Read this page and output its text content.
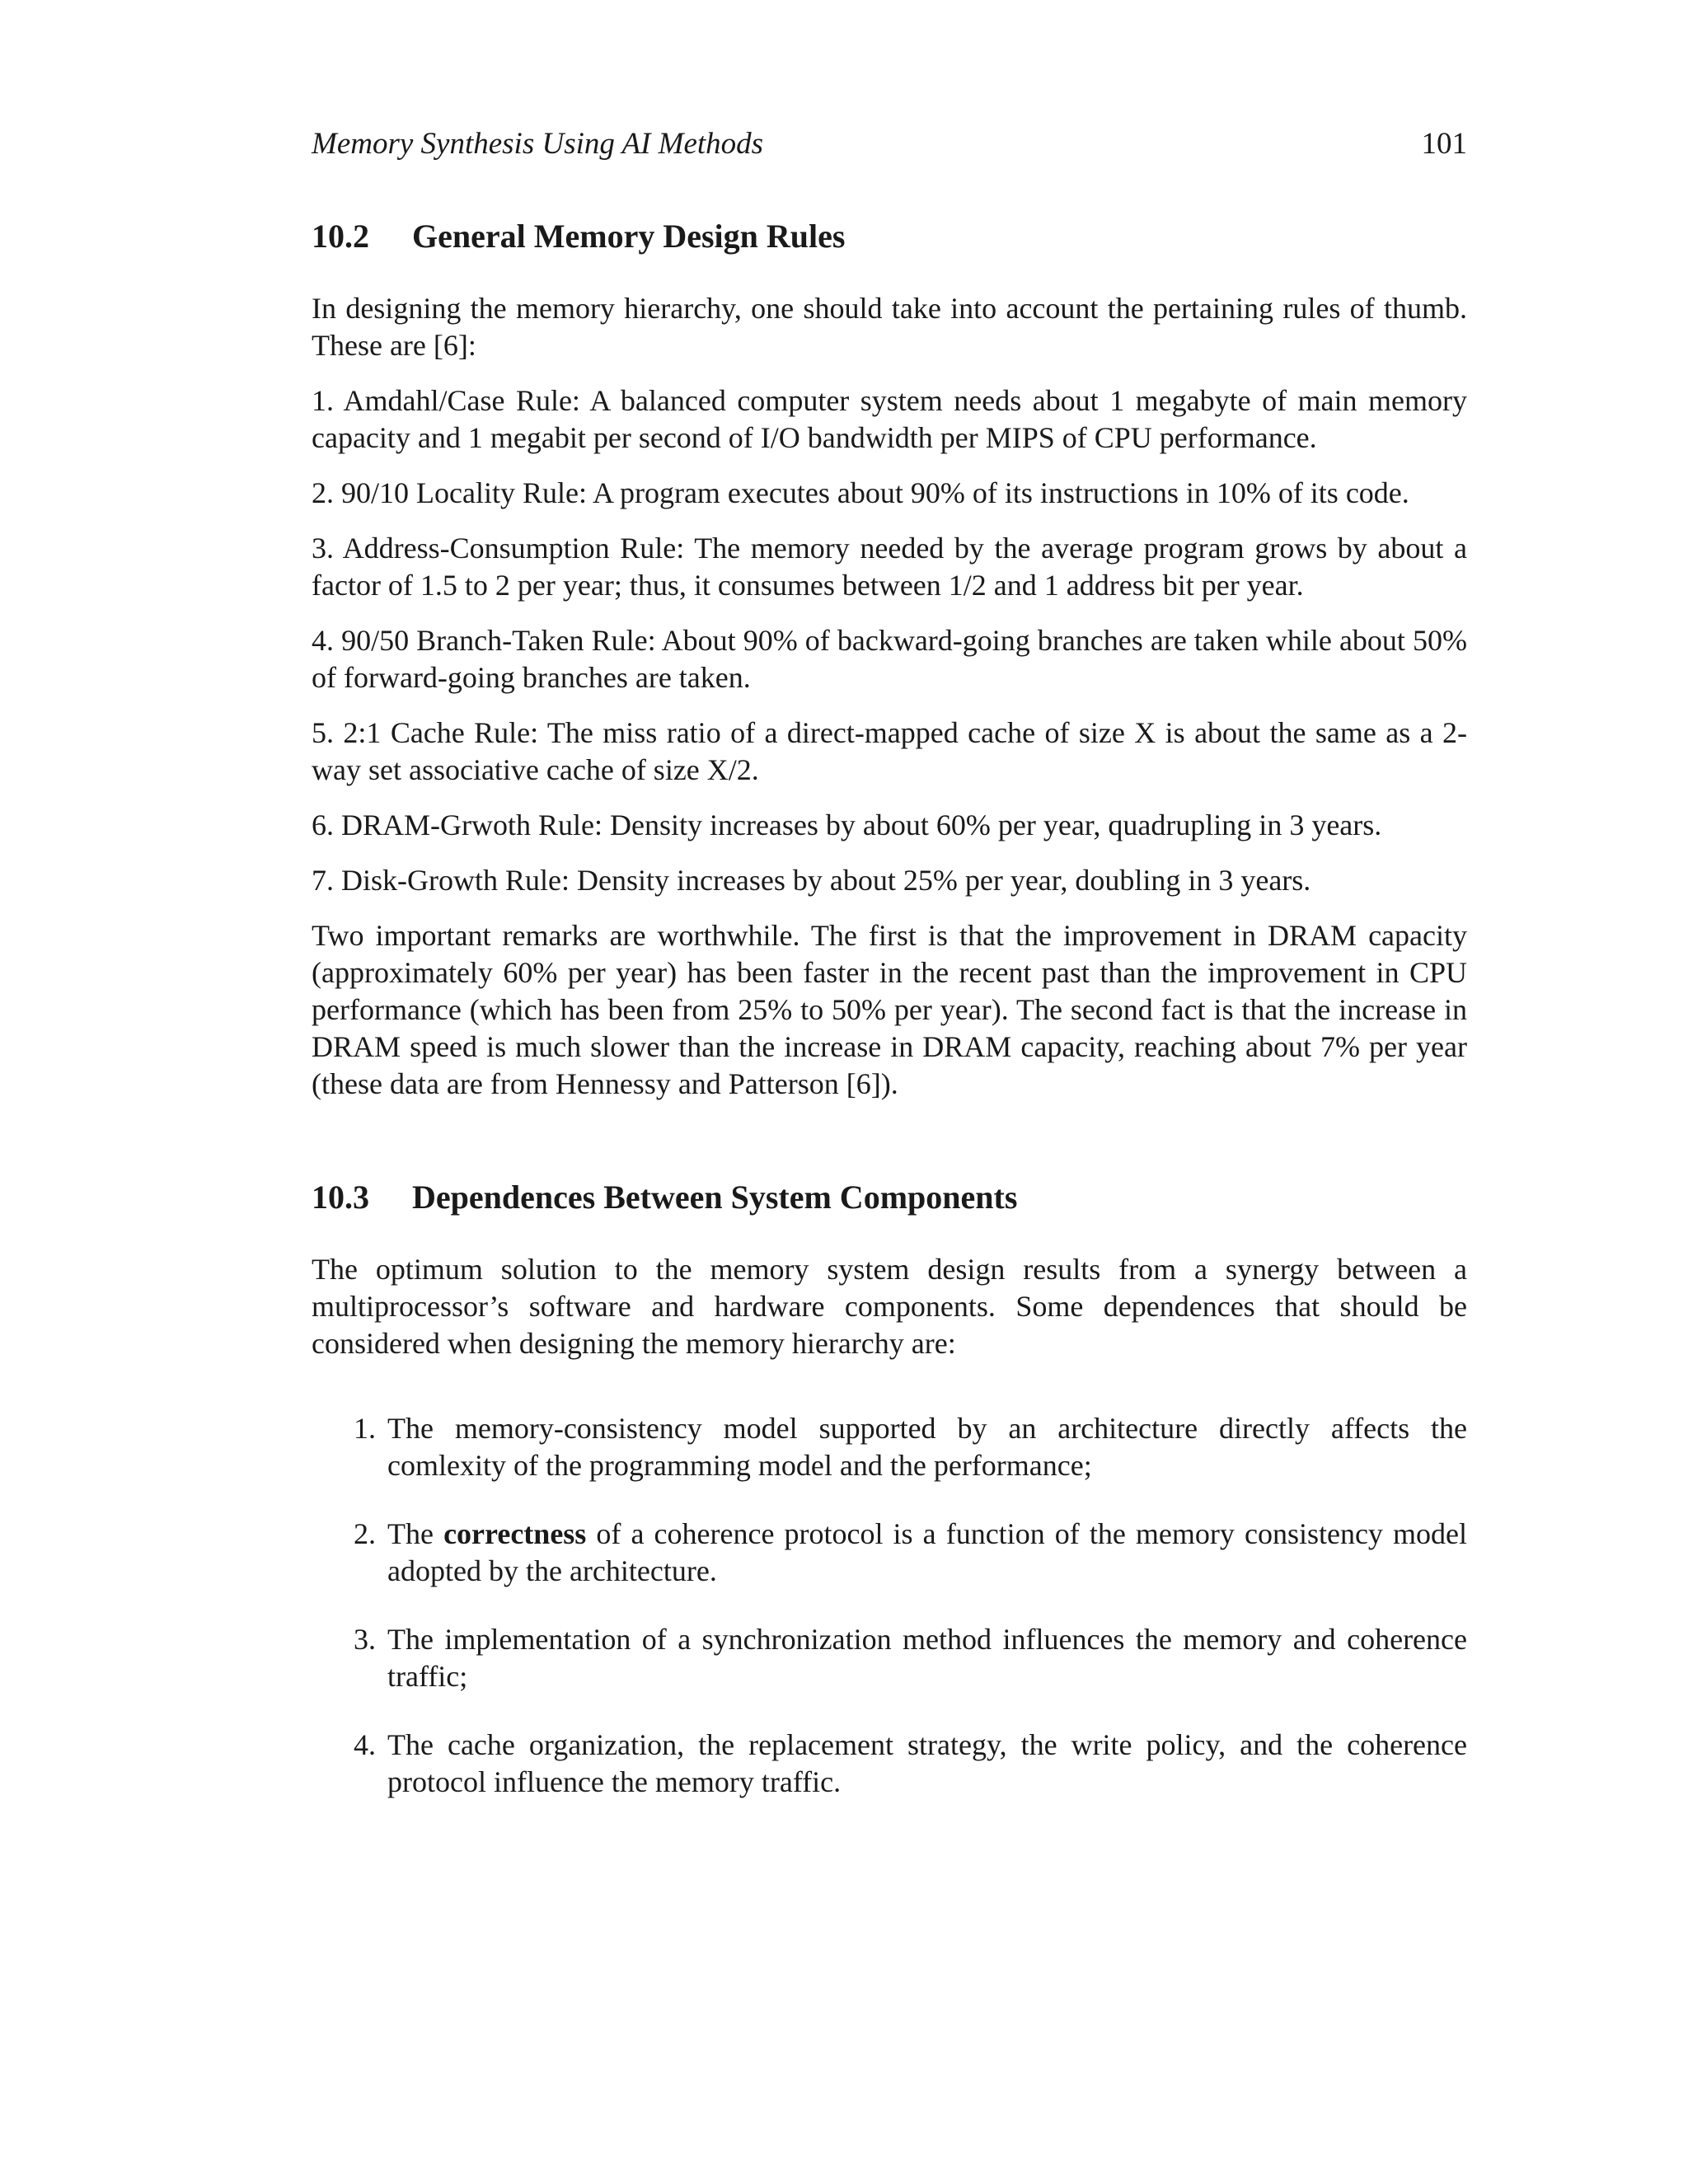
Memory Synthesis Using AI Methods	101
10.2 General Memory Design Rules

In designing the memory hierarchy, one should take into account the pertaining rules of thumb. These are [6]:

1. Amdahl/Case Rule: A balanced computer system needs about 1 megabyte of main memory capacity and 1 megabit per second of I/O bandwidth per MIPS of CPU performance.

2. 90/10 Locality Rule: A program executes about 90% of its instructions in 10% of its code.

3. Address-Consumption Rule: The memory needed by the average program grows by about a factor of 1.5 to 2 per year; thus, it consumes between 1/2 and 1 address bit per year.

4. 90/50 Branch-Taken Rule: About 90% of backward-going branches are taken while about 50% of forward-going branches are taken.

5. 2:1 Cache Rule: The miss ratio of a direct-mapped cache of size X is about the same as a 2-way set associative cache of size X/2.

6. DRAM-Grwoth Rule: Density increases by about 60% per year, quadrupling in 3 years.

7. Disk-Growth Rule: Density increases by about 25% per year, doubling in 3 years.

Two important remarks are worthwhile. The first is that the improvement in DRAM capacity (approximately 60% per year) has been faster in the recent past than the improvement in CPU performance (which has been from 25% to 50% per year). The second fact is that the increase in DRAM speed is much slower than the increase in DRAM capacity, reaching about 7% per year (these data are from Hennessy and Patterson [6]).

10.3 Dependences Between System Components

The optimum solution to the memory system design results from a synergy between a multiprocessor’s software and hardware components. Some dependences that should be considered when designing the memory hierarchy are:

1. The memory-consistency model supported by an architecture directly affects the comlexity of the programming model and the performance;
2. The correctness of a coherence protocol is a function of the memory consistency model adopted by the architecture.
3. The implementation of a synchronization method influences the memory and coherence traffic;
4. The cache organization, the replacement strategy, the write policy, and the coherence protocol influence the memory traffic.
